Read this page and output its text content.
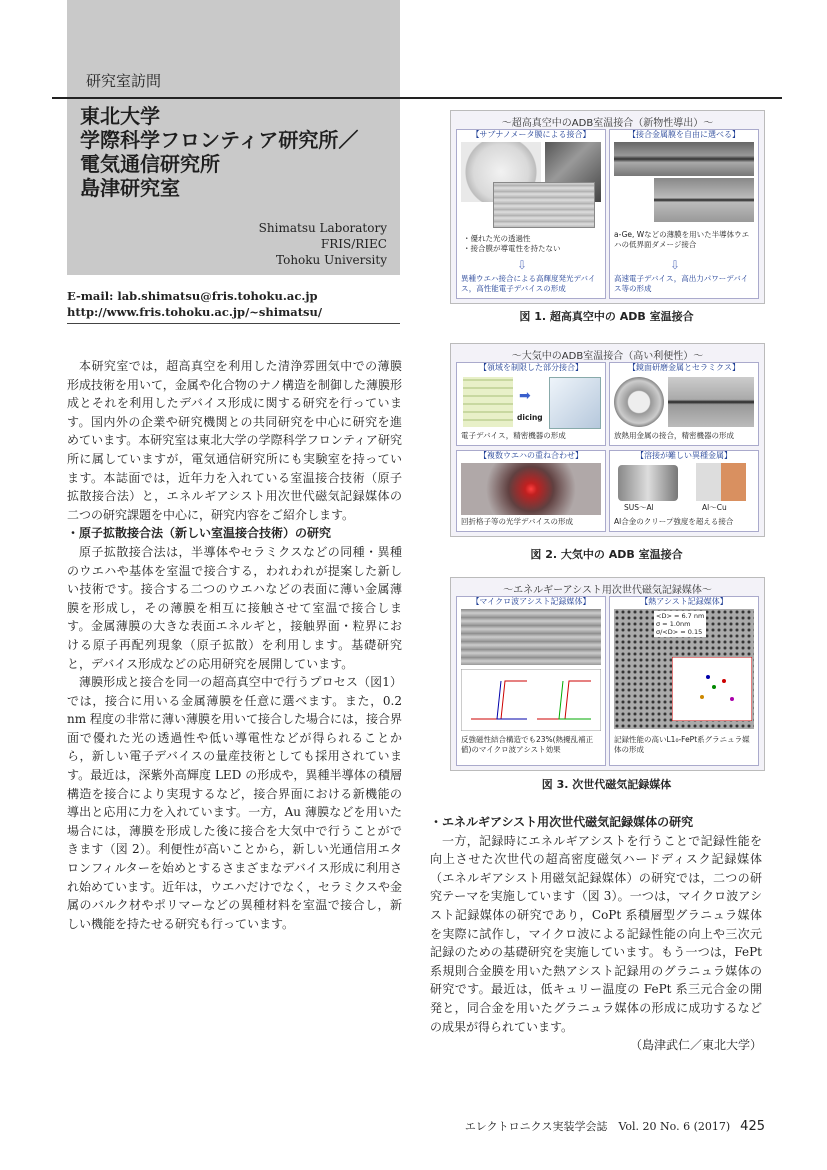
研究室訪問
東北大学
学際科学フロンティア研究所／
電気通信研究所
島津研究室
Shimatsu Laboratory
FRIS/RIEC
Tohoku University
E-mail: lab.shimatsu@fris.tohoku.ac.jp
http://www.fris.tohoku.ac.jp/~shimatsu/

本研究室では，超高真空を利用した清浄雰囲気中での薄膜形成技術を用いて，金属や化合物のナノ構造を制御した薄膜形成とそれを利用したデバイス形成に関する研究を行っています。国内外の企業や研究機関との共同研究を中心に研究を進めています。本研究室は東北大学の学際科学フロンティア研究所に属していますが，電気通信研究所にも実験室を持っています。本誌面では，近年力を入れている室温接合技術（原子拡散接合法）と，エネルギアシスト用次世代磁気記録媒体の二つの研究課題を中心に，研究内容をご紹介します。

・原子拡散接合法（新しい室温接合技術）の研究

原子拡散接合法は，半導体やセラミクスなどの同種・異種のウエハや基体を室温で接合する，われわれが提案した新しい技術です。接合する二つのウエハなどの表面に薄い金属薄膜を形成し，その薄膜を相互に接触させて室温で接合します。金属薄膜の大きな表面エネルギと，接触界面・粒界における原子再配列現象（原子拡散）を利用します。基礎研究と，デバイス形成などの応用研究を展開しています。

薄膜形成と接合を同一の超高真空中で行うプロセス（図1）では，接合に用いる金属薄膜を任意に選べます。また，0.2 nm 程度の非常に薄い薄膜を用いて接合した場合には，接合界面で優れた光の透過性や低い導電性などが得られることから，新しい電子デバイスの量産技術としても採用されています。最近は，深紫外高輝度 LED の形成や，異種半導体の積層構造を接合により実現するなど，接合界面における新機能の導出と応用に力を入れています。一方，Au 薄膜などを用いた場合には，薄膜を形成した後に接合を大気中で行うことができます（図 2）。利便性が高いことから，新しい光通信用エタロンフィルターを始めとするさまざまなデバイス形成に利用され始めています。近年は，ウエハだけでなく，セラミクスや金属のバルク材やポリマーなどの異種材料を室温で接合し，新しい機能を持たせる研究も行っています。

～超高真空中のADB室温接合（新物性導出）～
【サブナノメータ膜による接合】
・優れた光の透過性
・接合膜が導電性を持たない
⇩
異種ウエハ接合による高輝度発光デバイス，高性能電子デバイスの形成
【接合金属膜を自由に選べる】
a-Ge, Wなどの薄膜を用いた半導体ウエハの低界面ダメージ接合
⇩
高速電子デバイス，高出力パワーデバイス等の形成
図 1. 超高真空中の ADB 室温接合
～大気中のADB室温接合（高い利便性）～
【領域を制限した部分接合】
➡
dicing
電子デバイス，精密機器の形成
【鏡面研磨金属とセラミクス】
放熱用金属の接合，精密機器の形成
【複数ウエハの重ね合わせ】
回折格子等の光学デバイスの形成
【溶接が難しい異種金属】
SUS～Al	Al～Cu
Al合金のクリープ強度を超える接合
図 2. 大気中の ADB 室温接合
～エネルギーアシスト用次世代磁気記録媒体～
【マイクロ波アシスト記録媒体】
反強磁性結合構造でも23%(熱擾乱補正値)のマイクロ波アシスト効果
【熱アシスト記録媒体】
<D> = 6.7 nm
σ = 1.0nm
σ/<D> = 0.15
記録性能の高いL1₀-FePt系グラニュラ媒体の形成
図 3. 次世代磁気記録媒体

・エネルギアシスト用次世代磁気記録媒体の研究

一方，記録時にエネルギアシストを行うことで記録性能を向上させた次世代の超高密度磁気ハードディスク記録媒体（エネルギアシスト用磁気記録媒体）の研究では，二つの研究テーマを実施しています（図 3）。一つは，マイクロ波アシスト記録媒体の研究であり，CoPt 系積層型グラニュラ媒体を実際に試作し，マイクロ波による記録性能の向上や三次元記録のための基礎研究を実施しています。もう一つは，FePt 系規則合金膜を用いた熱アシスト記録用のグラニュラ媒体の研究です。最近は，低キュリー温度の FePt 系三元合金の開発と，同合金を用いたグラニュラ媒体の形成に成功するなどの成果が得られています。

（島津武仁／東北大学）

エレクトロニクス実装学会誌　Vol. 20 No. 6 (2017) 425
